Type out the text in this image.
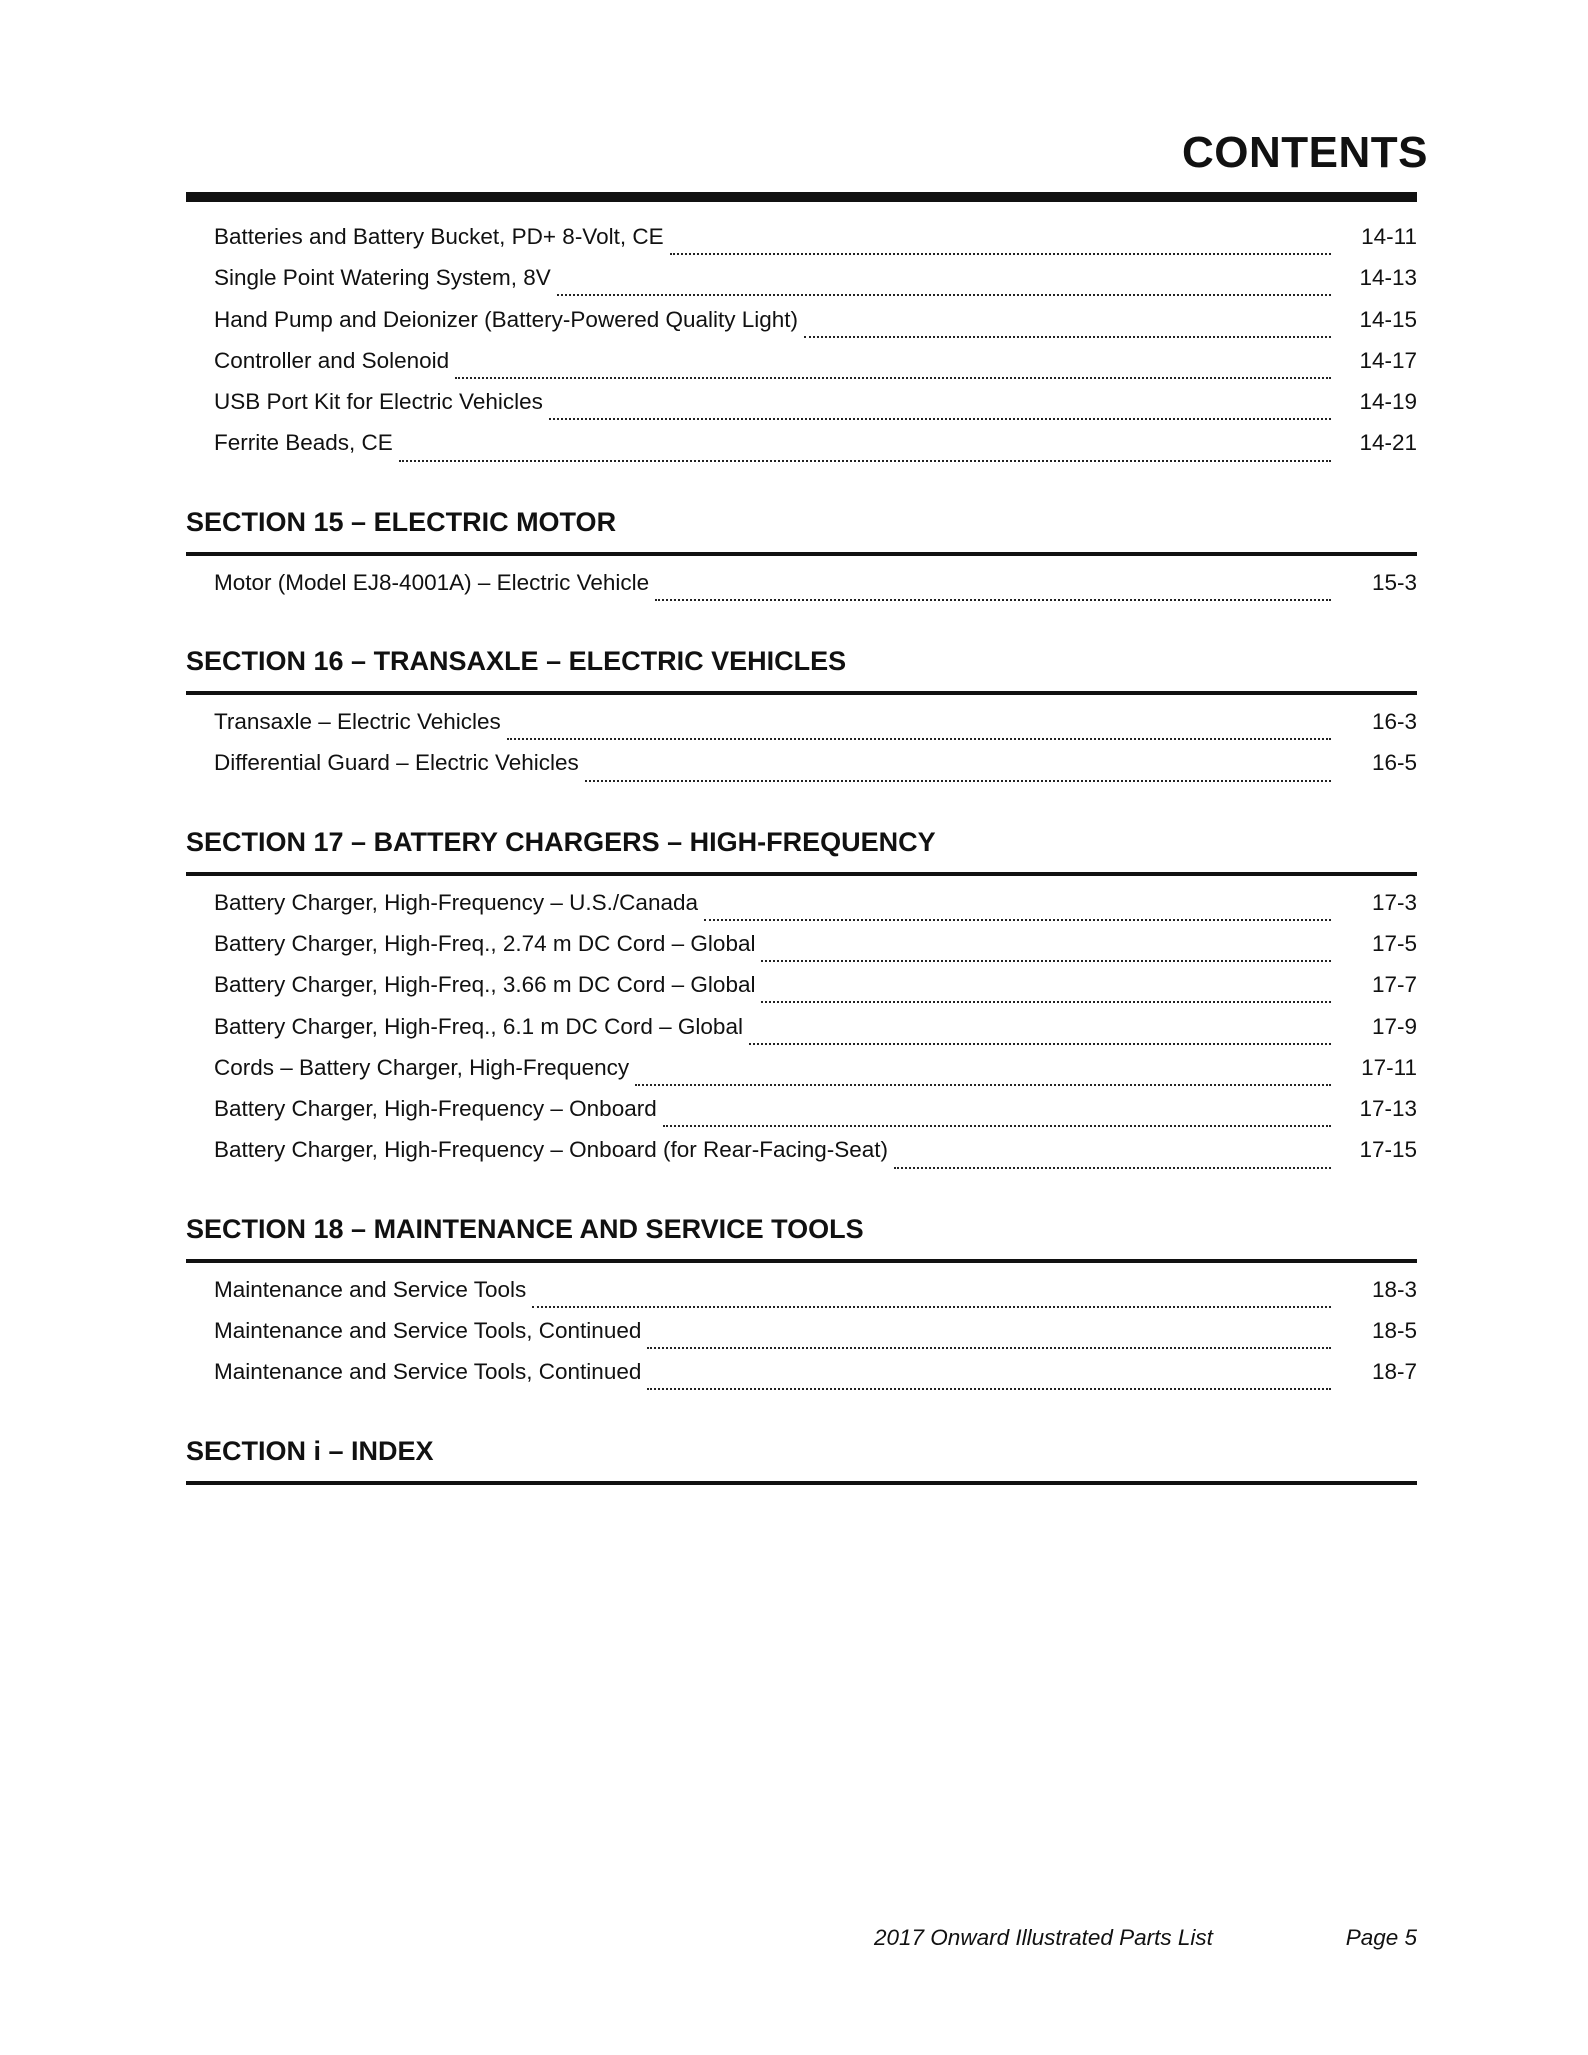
CONTENTS
Batteries and Battery Bucket, PD+ 8-Volt, CE	14-11
Single Point Watering System, 8V	14-13
Hand Pump and Deionizer (Battery-Powered Quality Light)	14-15
Controller and Solenoid	14-17
USB Port Kit for Electric Vehicles	14-19
Ferrite Beads, CE	14-21
SECTION 15 – ELECTRIC MOTOR
Motor (Model EJ8-4001A) – Electric Vehicle	15-3
SECTION 16 – TRANSAXLE – ELECTRIC VEHICLES
Transaxle – Electric Vehicles	16-3
Differential Guard – Electric Vehicles	16-5
SECTION 17 – BATTERY CHARGERS – HIGH-FREQUENCY
Battery Charger, High-Frequency – U.S./Canada	17-3
Battery Charger, High-Freq., 2.74 m DC Cord – Global	17-5
Battery Charger, High-Freq., 3.66 m DC Cord – Global	17-7
Battery Charger, High-Freq., 6.1 m DC Cord – Global	17-9
Cords – Battery Charger, High-Frequency	17-11
Battery Charger, High-Frequency – Onboard	17-13
Battery Charger, High-Frequency – Onboard (for Rear-Facing-Seat)	17-15
SECTION 18 – MAINTENANCE AND SERVICE TOOLS
Maintenance and Service Tools	18-3
Maintenance and Service Tools, Continued	18-5
Maintenance and Service Tools, Continued	18-7
SECTION i – INDEX
2017 Onward Illustrated Parts List	Page 5
